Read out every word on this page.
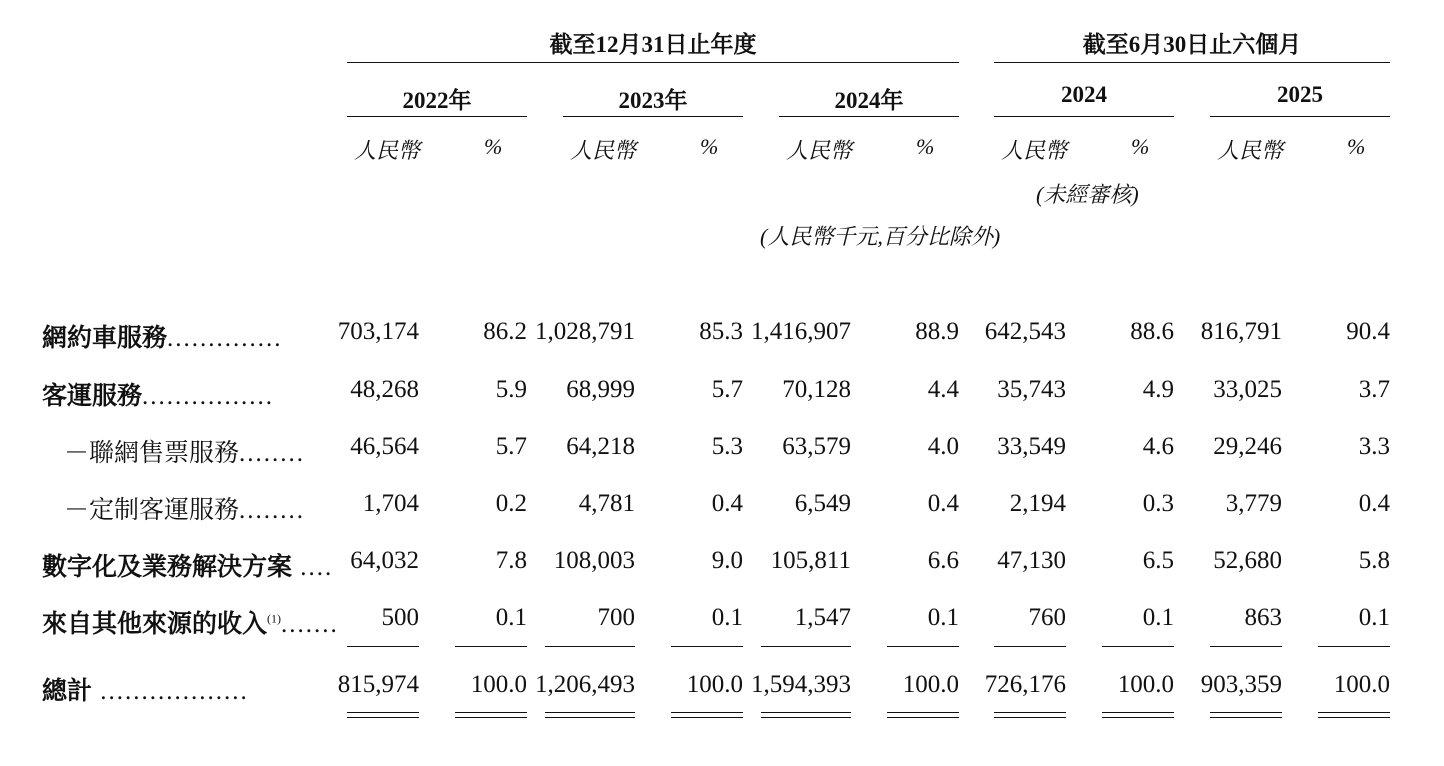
截至12月31日止年度	截至6月30日止六個月
2022年	2023年	2024年	2024	2025
人民幣	%	人民幣	%	人民幣	%	人民幣	%	人民幣	%
(未經審核)
(人民幣千元,百分比除外)
網約車服務..............	703,174	86.2 1,028,791	85.3 1,416,907	88.9	642,543	88.6	816,791	90.4
客運服務................	48,268	5.9	68,999	5.7	70,128	4.4	35,743	4.9	33,025	3.7
－聯網售票服務........	46,564	5.7	64,218	5.3	63,579	4.0	33,549	4.6	29,246	3.3
－定制客運服務........	1,704	0.2	4,781	0.4	6,549	0.4	2,194	0.3	3,779	0.4
數字化及業務解決方案 .... 64,032	7.8	108,003	9.0	105,811	6.6	47,130	6.5	52,680	5.8
來自其他來源的收入$^{(1)}$.......	500	0.1	700	0.1	1,547	0.1	760	0.1	863	0.1
總計 ..................	815,974	100.0 1,206,493	100.0 1,594,393	100.0	726,176	100.0	903,359	100.0
